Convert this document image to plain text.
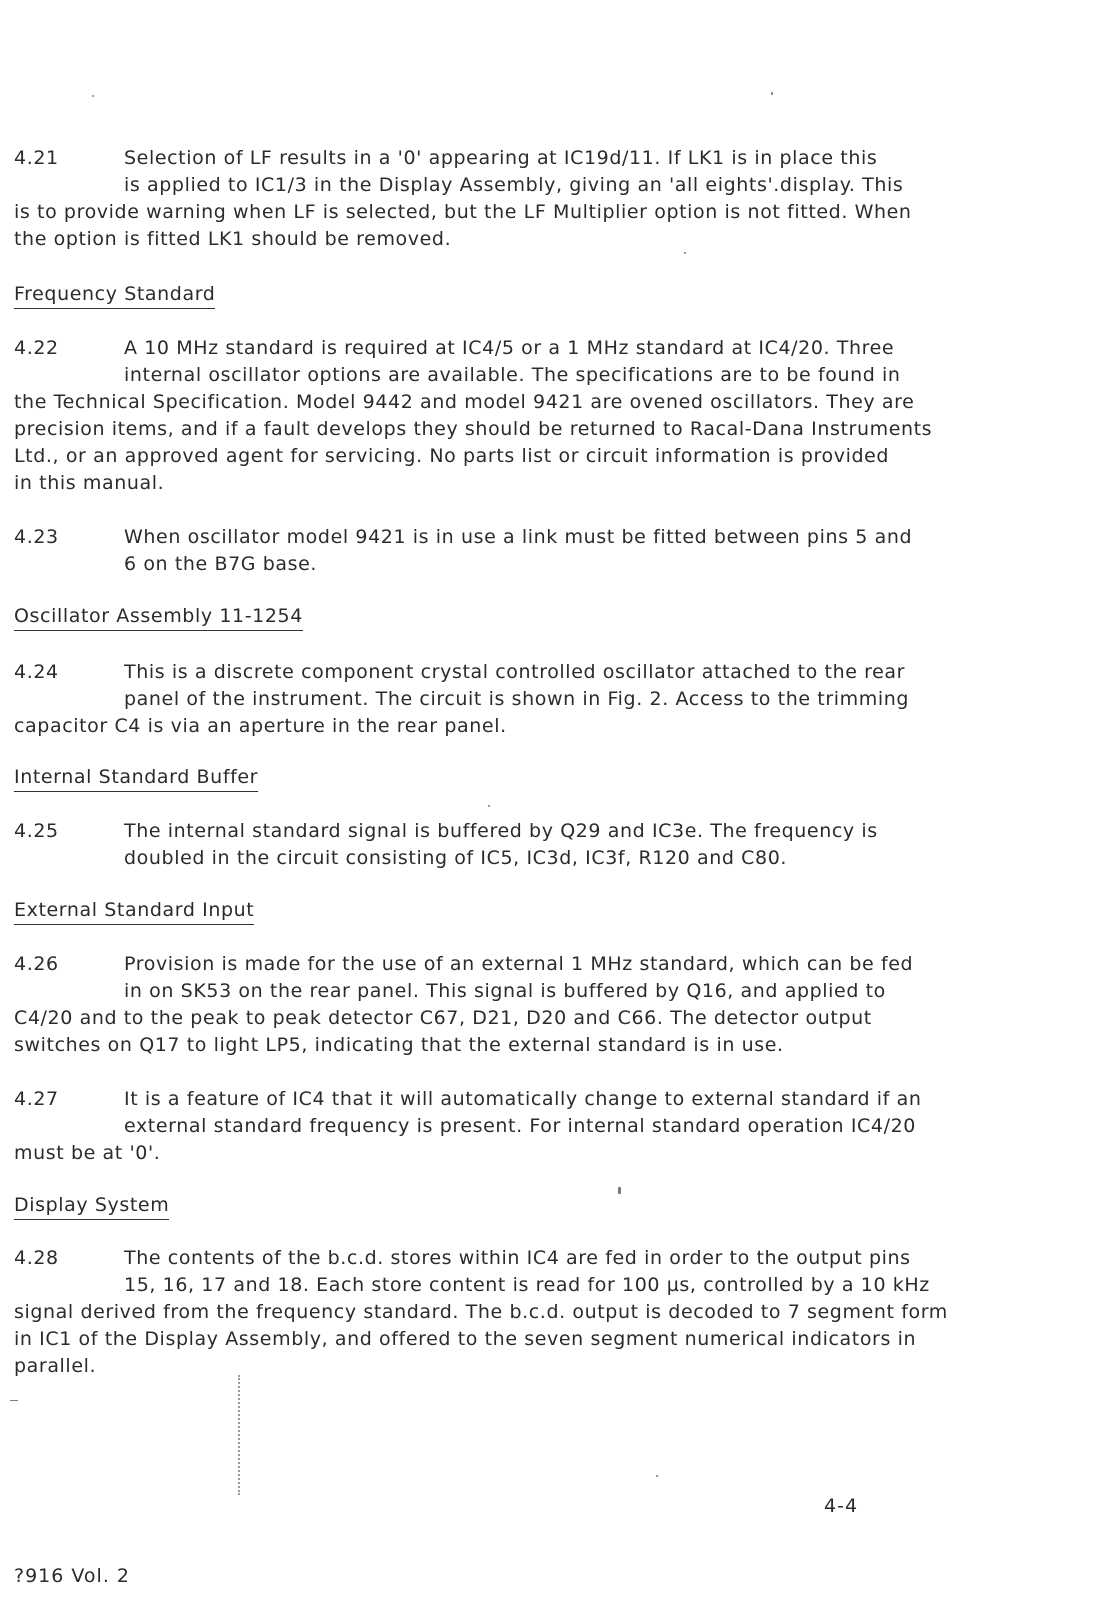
4.21	Selection of LF results in a '0' appearing at IC19d/11. If LK1 is in place this
is applied to IC1/3 in the Display Assembly, giving an 'all eights'.display. This
is to provide warning when LF is selected, but the LF Multiplier option is not fitted. When
the option is fitted LK1 should be removed.
Frequency Standard
4.22	A 10 MHz standard is required at IC4/5 or a 1 MHz standard at IC4/20. Three
internal oscillator options are available. The specifications are to be found in
the Technical Specification. Model 9442 and model 9421 are ovened oscillators. They are
precision items, and if a fault develops they should be returned to Racal-Dana Instruments
Ltd., or an approved agent for servicing. No parts list or circuit information is provided
in this manual.
4.23	When oscillator model 9421 is in use a link must be fitted between pins 5 and
6 on the B7G base.
Oscillator Assembly 11-1254
4.24	This is a discrete component crystal controlled oscillator attached to the rear
panel of the instrument. The circuit is shown in Fig. 2. Access to the trimming
capacitor C4 is via an aperture in the rear panel.
Internal Standard Buffer
4.25	The internal standard signal is buffered by Q29 and IC3e. The frequency is
doubled in the circuit consisting of IC5, IC3d, IC3f, R120 and C80.
External Standard Input
4.26	Provision is made for the use of an external 1 MHz standard, which can be fed
in on SK53 on the rear panel. This signal is buffered by Q16, and applied to
C4/20 and to the peak to peak detector C67, D21, D20 and C66. The detector output
switches on Q17 to light LP5, indicating that the external standard is in use.
4.27	It is a feature of IC4 that it will automatically change to external standard if an
external standard frequency is present. For internal standard operation IC4/20
must be at '0'.
Display System
4.28	The contents of the b.c.d. stores within IC4 are fed in order to the output pins
15, 16, 17 and 18. Each store content is read for 100 µs, controlled by a 10 kHz
signal derived from the frequency standard. The b.c.d. output is decoded to 7 segment form
in IC1 of the Display Assembly, and offered to the seven segment numerical indicators in
parallel.
4-4
?916 Vol. 2
